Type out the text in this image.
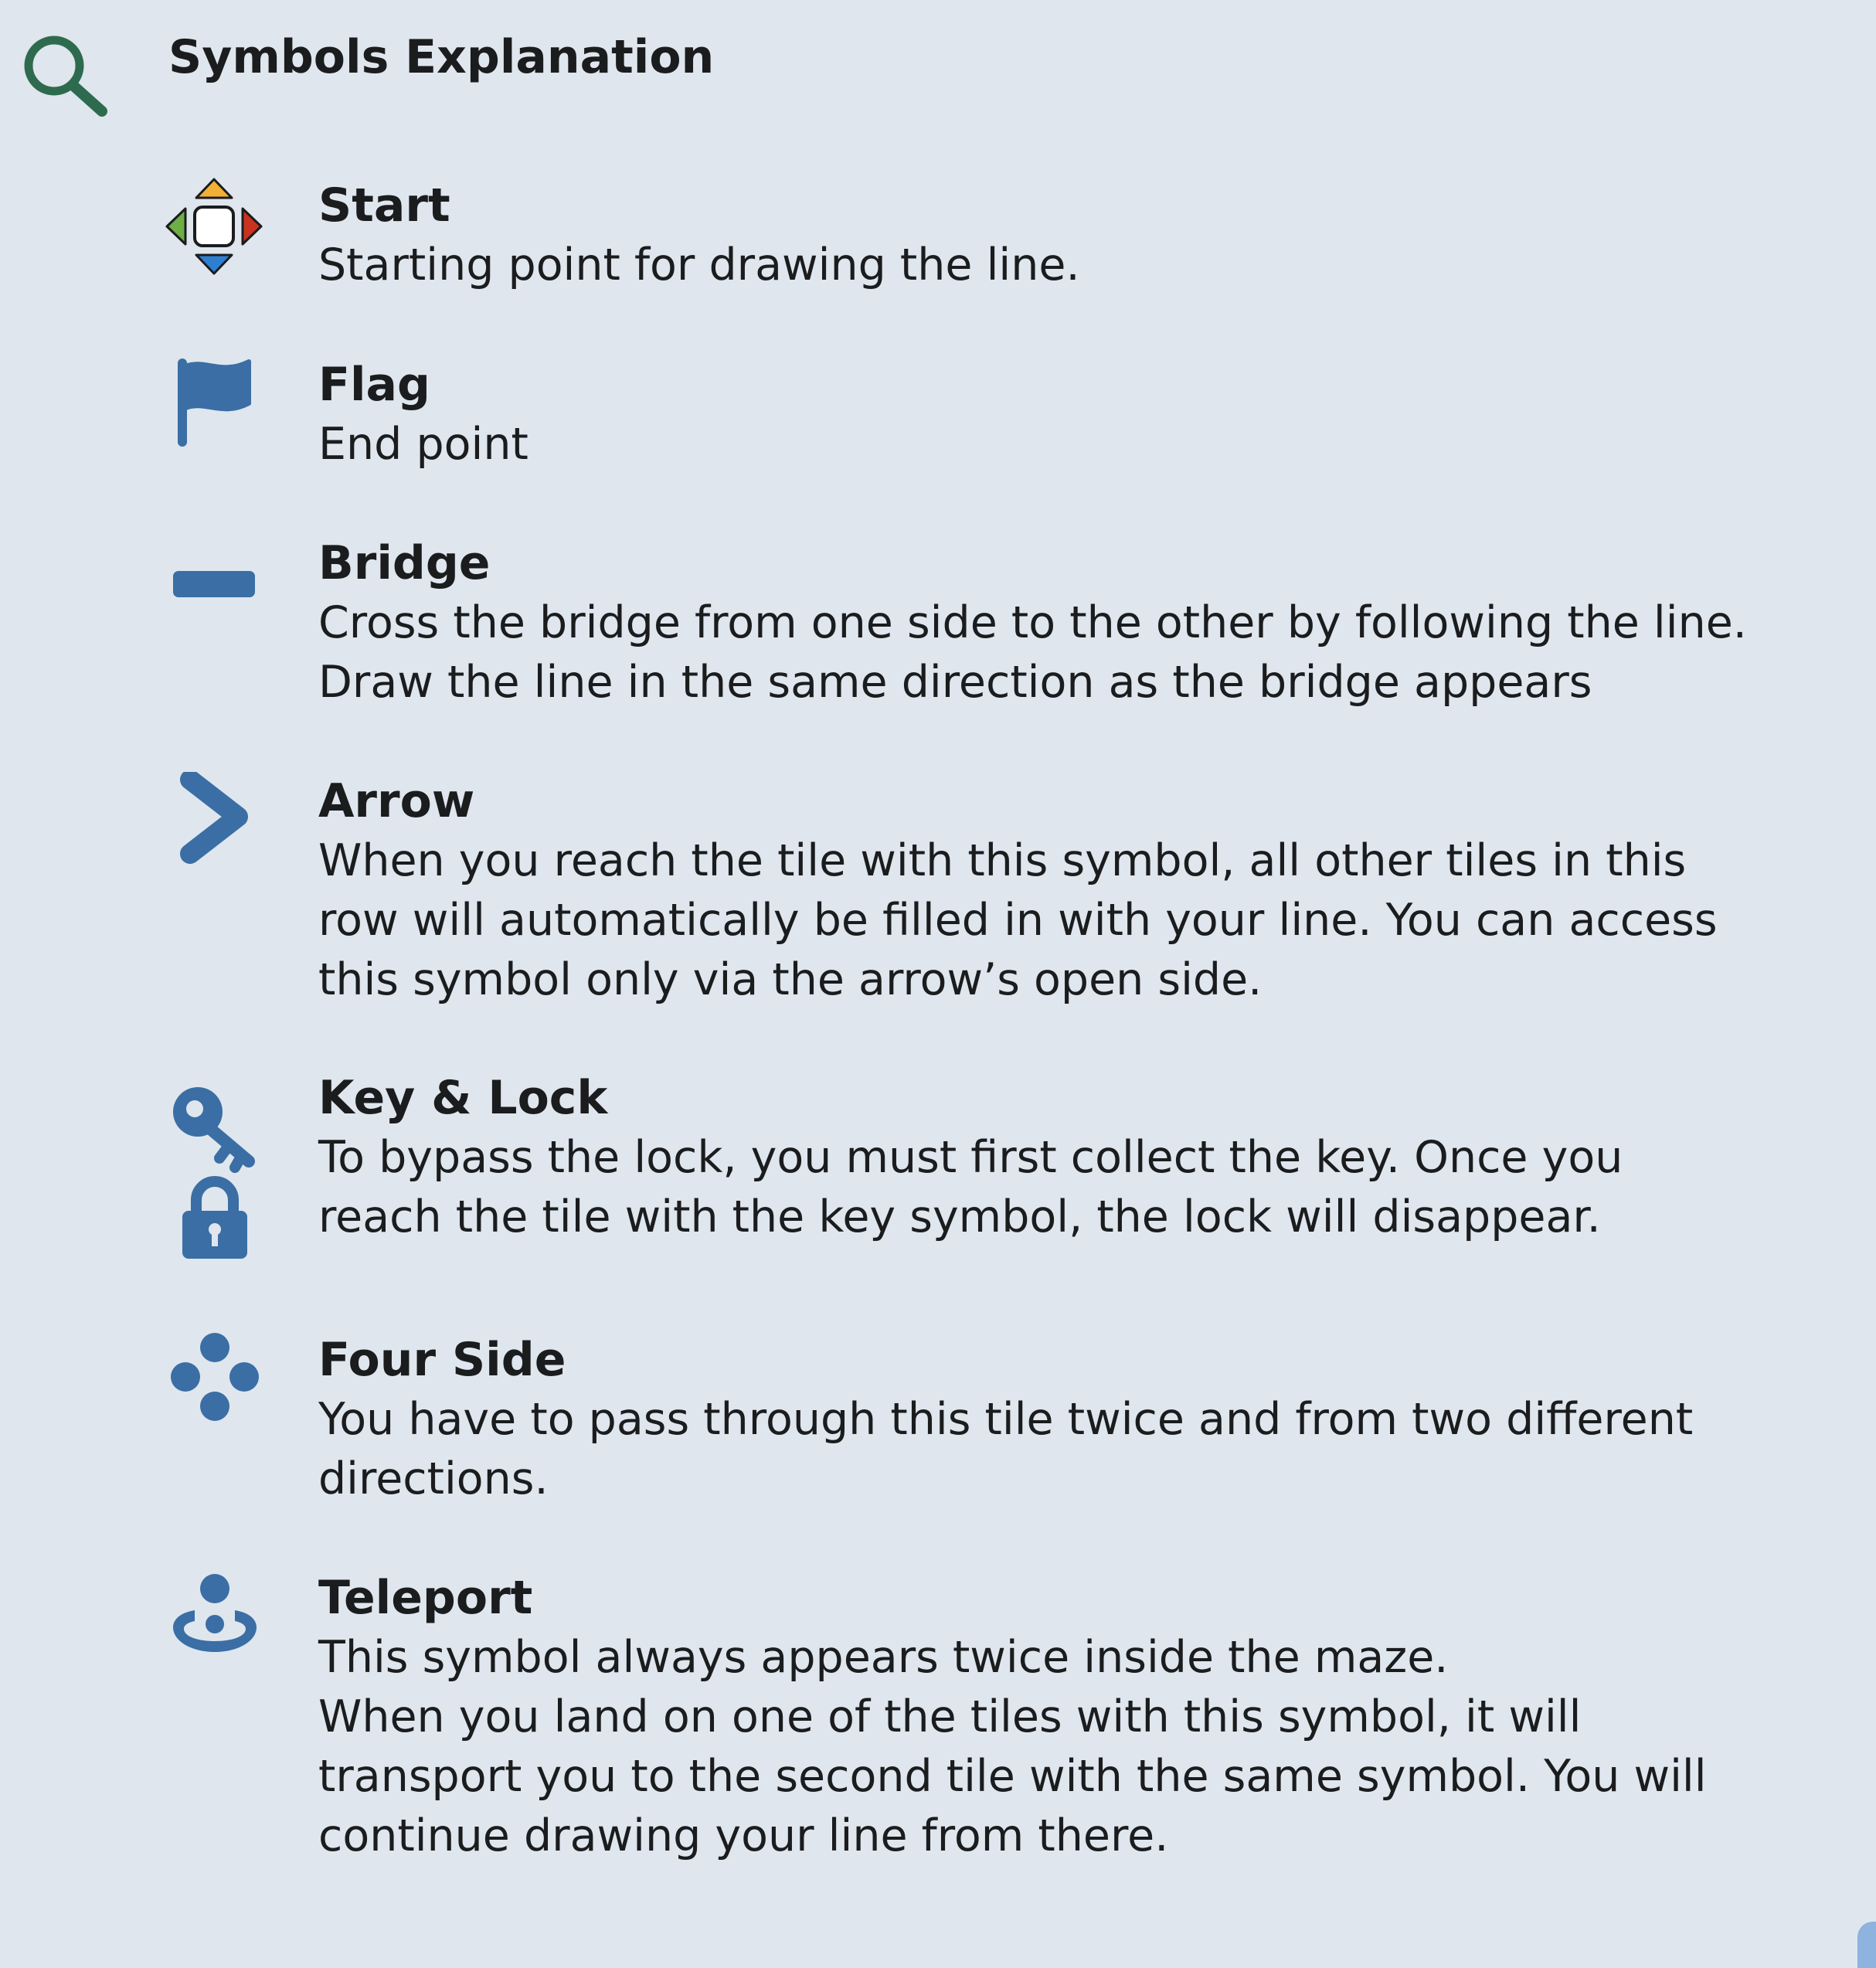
Symbols Explanation
Start
Starting point for drawing the line.
Flag
End point
Bridge
Cross the bridge from one side to the other by following the line.
Draw the line in the same direction as the bridge appears
Arrow
When you reach the tile with this symbol, all other tiles in this
row will automatically be filled in with your line. You can access
this symbol only via the arrow’s open side.
Key & Lock
To bypass the lock, you must first collect the key. Once you
reach the tile with the key symbol, the lock will disappear.
Four Side
You have to pass through this tile twice and from two different
directions.
Teleport
This symbol always appears twice inside the maze.
When you land on one of the tiles with this symbol, it will
transport you to the second tile with the same symbol. You will
continue drawing your line from there.
